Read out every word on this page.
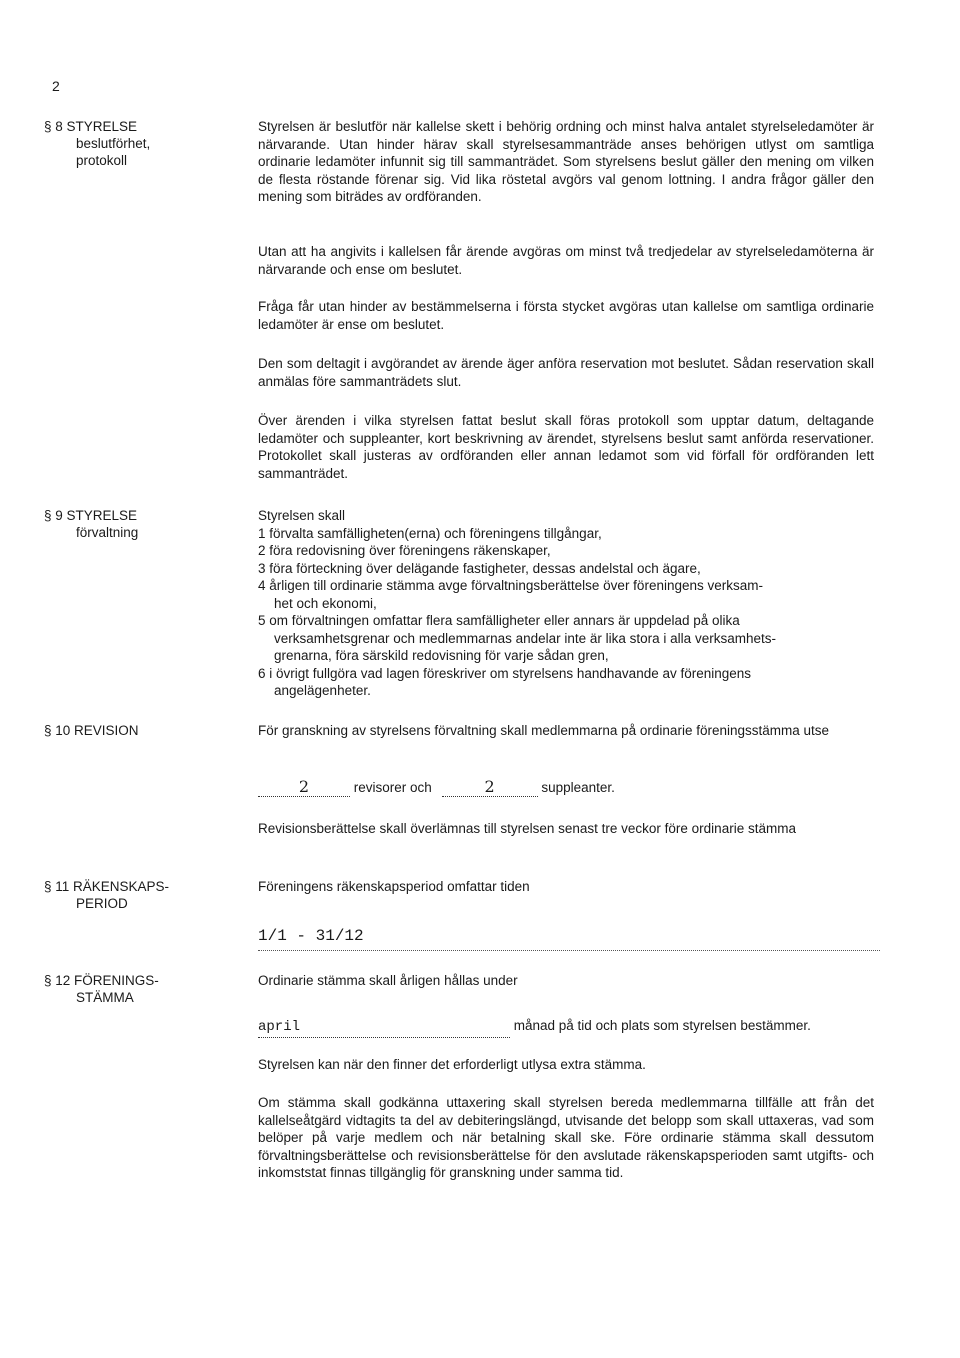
2
§ 8 STYRELSE
beslutförhet,
protokoll
Styrelsen är beslutför när kallelse skett i behörig ordning och minst halva antalet styrelseledamöter är närvarande. Utan hinder härav skall styrelsesammanträde anses behörigen utlyst om samtliga ordinarie ledamöter infunnit sig till sammanträdet. Som styrelsens beslut gäller den mening om vilken de flesta röstande förenar sig. Vid lika röstetal avgörs val genom lottning. I andra frågor gäller den mening som biträdes av ordföranden.
Utan att ha angivits i kallelsen får ärende avgöras om minst två tredjedelar av styrelseledamöterna är närvarande och ense om beslutet.
Fråga får utan hinder av bestämmelserna i första stycket avgöras utan kallelse om samtliga ordinarie ledamöter är ense om beslutet.
Den som deltagit i avgörandet av ärende äger anföra reservation mot beslutet. Sådan reservation skall anmälas före sammanträdets slut.
Över ärenden i vilka styrelsen fattat beslut skall föras protokoll som upptar datum, deltagande ledamöter och suppleanter, kort beskrivning av ärendet, styrelsens beslut samt anförda reservationer. Protokollet skall justeras av ordföranden eller annan ledamot som vid förfall för ordföranden lett sammanträdet.
§ 9 STYRELSE
förvaltning
Styrelsen skall
1 förvalta samfälligheten(erna) och föreningens tillgångar,
2 föra redovisning över föreningens räkenskaper,
3 föra förteckning över delägande fastigheter, dessas andelstal och ägare,
4 årligen till ordinarie stämma avge förvaltningsberättelse över föreningens verksam-
het och ekonomi,
5 om förvaltningen omfattar flera samfälligheter eller annars är uppdelad på olika
verksamhetsgrenar och medlemmarnas andelar inte är lika stora i alla verksamhets-
grenarna, föra särskild redovisning för varje sådan gren,
6 i övrigt fullgöra vad lagen föreskriver om styrelsens handhavande av föreningens
angelägenheter.
§ 10 REVISION	För granskning av styrelsens förvaltning skall medlemmarna på ordinarie föreningsstämma utse
2	revisorer och	2	suppleanter.
Revisionsberättelse skall överlämnas till styrelsen senast tre veckor före ordinarie stämma
§ 11 RÄKENSKAPS-
PERIOD
Föreningens räkenskapsperiod omfattar tiden
1/1 - 31/12
§ 12 FÖRENINGS-
STÄMMA
Ordinarie stämma skall årligen hållas under
april	månad på tid och plats som styrelsen bestämmer.
Styrelsen kan när den finner det erforderligt utlysa extra stämma.
Om stämma skall godkänna uttaxering skall styrelsen bereda medlemmarna tillfälle att från det kallelseåtgärd vidtagits ta del av debiteringslängd, utvisande det belopp som skall uttaxeras, vad som belöper på varje medlem och när betalning skall ske. Före ordinarie stämma skall dessutom förvaltningsberättelse och revisionsberättelse för den avslutade räkenskapsperioden samt utgifts- och inkomststat finnas tillgänglig för granskning under samma tid.
